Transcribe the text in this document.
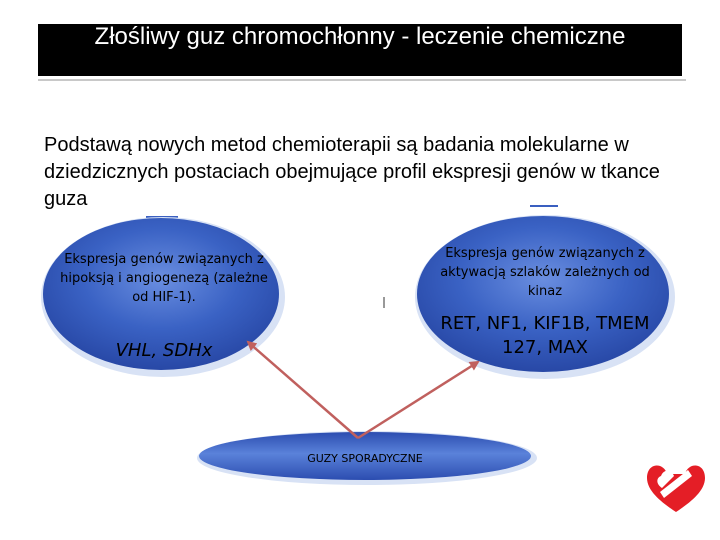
Złośliwy guz chromochłonny - leczenie chemiczne
Podstawą nowych metod chemioterapii są badania molekularne w dziedzicznych postaciach obejmujące profil ekspresji genów w tkance guza
Ekspresja genów związanych z hipoksją i angiogenezą (zależne od HIF-1).
VHL, SDHx
Ekspresja genów związanych z aktywacją szlaków zależnych od kinaz
RET, NF1, KIF1B, TMEM 127, MAX
GUZY SPORADYCZNE
